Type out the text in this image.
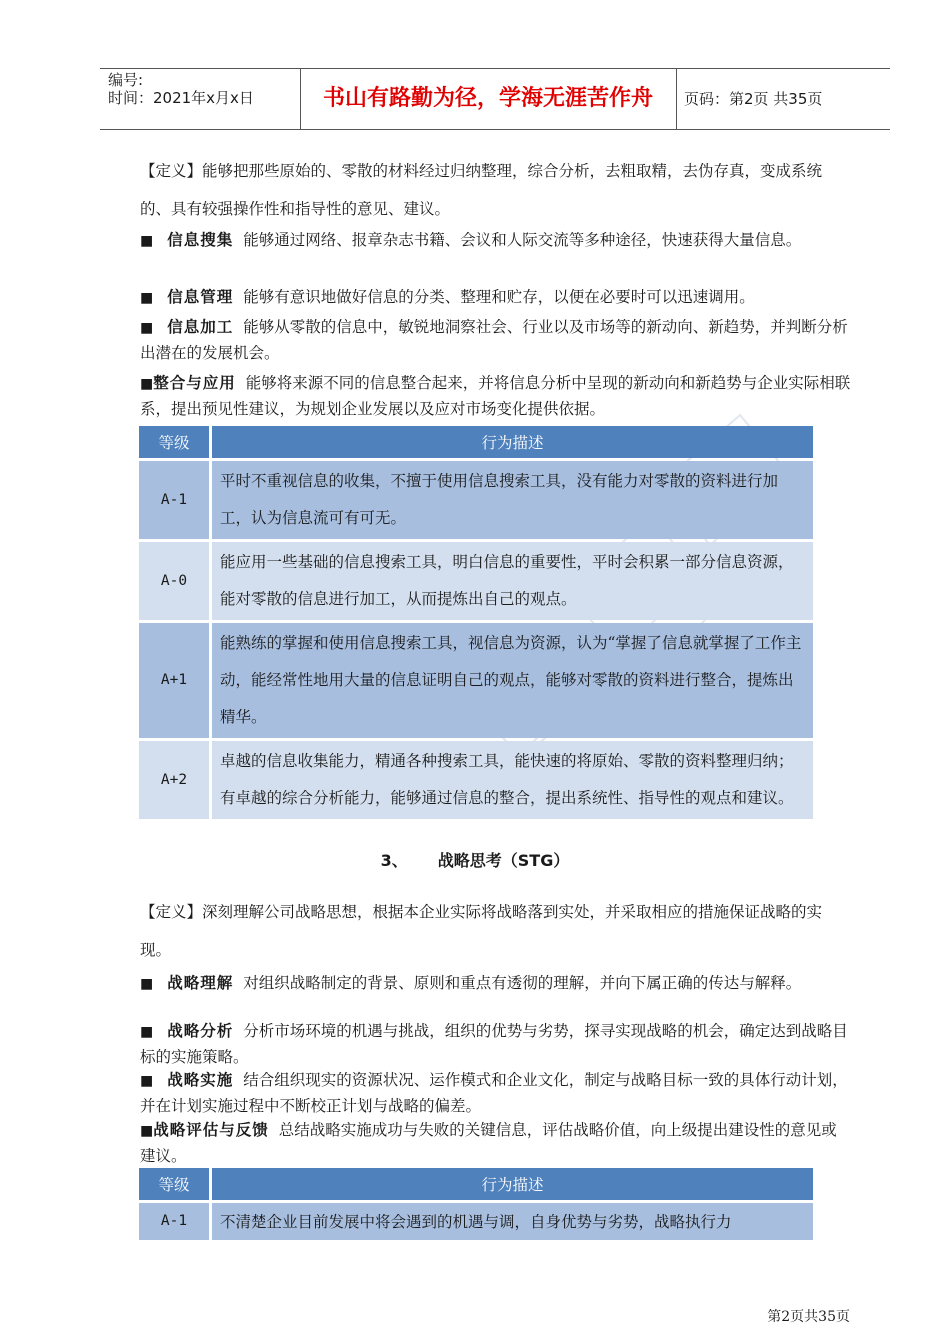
编号:
时间：2021年x月x日	书山有路勤为径，学海无涯苦作舟	页码：第2页 共35页

【定义】能够把那些原始的、零散的材料经过归纳整理，综合分析，去粗取精，去伪存真，变成系统的、具有较强操作性和指导性的意见、建议。

■ 信息搜集 能够通过网络、报章杂志书籍、会议和人际交流等多种途径，快速获得大量信息。

■ 信息管理 能够有意识地做好信息的分类、整理和贮存，以便在必要时可以迅速调用。

■ 信息加工 能够从零散的信息中，敏锐地洞察社会、行业以及市场等的新动向、新趋势，并判断分析出潜在的发展机会。

■整合与应用 能够将来源不同的信息整合起来，并将信息分析中呈现的新动向和新趋势与企业实际相联系，提出预见性建议，为规划企业发展以及应对市场变化提供依据。

等级	行为描述
A-1	平时不重视信息的收集，不擅于使用信息搜索工具，没有能力对零散的资料进行加工，认为信息流可有可无。
A-0	能应用一些基础的信息搜索工具，明白信息的重要性，平时会积累一部分信息资源，能对零散的信息进行加工，从而提炼出自己的观点。
A+1	能熟练的掌握和使用信息搜索工具，视信息为资源，认为“掌握了信息就掌握了工作主动，能经常性地用大量的信息证明自己的观点，能够对零散的资料进行整合，提炼出精华。
A+2	卓越的信息收集能力，精通各种搜索工具，能快速的将原始、零散的资料整理归纳；有卓越的综合分析能力，能够通过信息的整合，提出系统性、指导性的观点和建议。
3、 战略思考（STG）

【定义】深刻理解公司战略思想，根据本企业实际将战略落到实处，并采取相应的措施保证战略的实现。

■ 战略理解 对组织战略制定的背景、原则和重点有透彻的理解，并向下属正确的传达与解释。

■ 战略分析 分析市场环境的机遇与挑战，组织的优势与劣势，探寻实现战略的机会，确定达到战略目标的实施策略。

■ 战略实施 结合组织现实的资源状况、运作模式和企业文化，制定与战略目标一致的具体行动计划，并在计划实施过程中不断校正计划与战略的偏差。

■战略评估与反馈 总结战略实施成功与失败的关键信息，评估战略价值，向上级提出建设性的意见或建议。

等级	行为描述
A-1	不清楚企业目前发展中将会遇到的机遇与调，自身优势与劣势，战略执行力
第2页共35页
